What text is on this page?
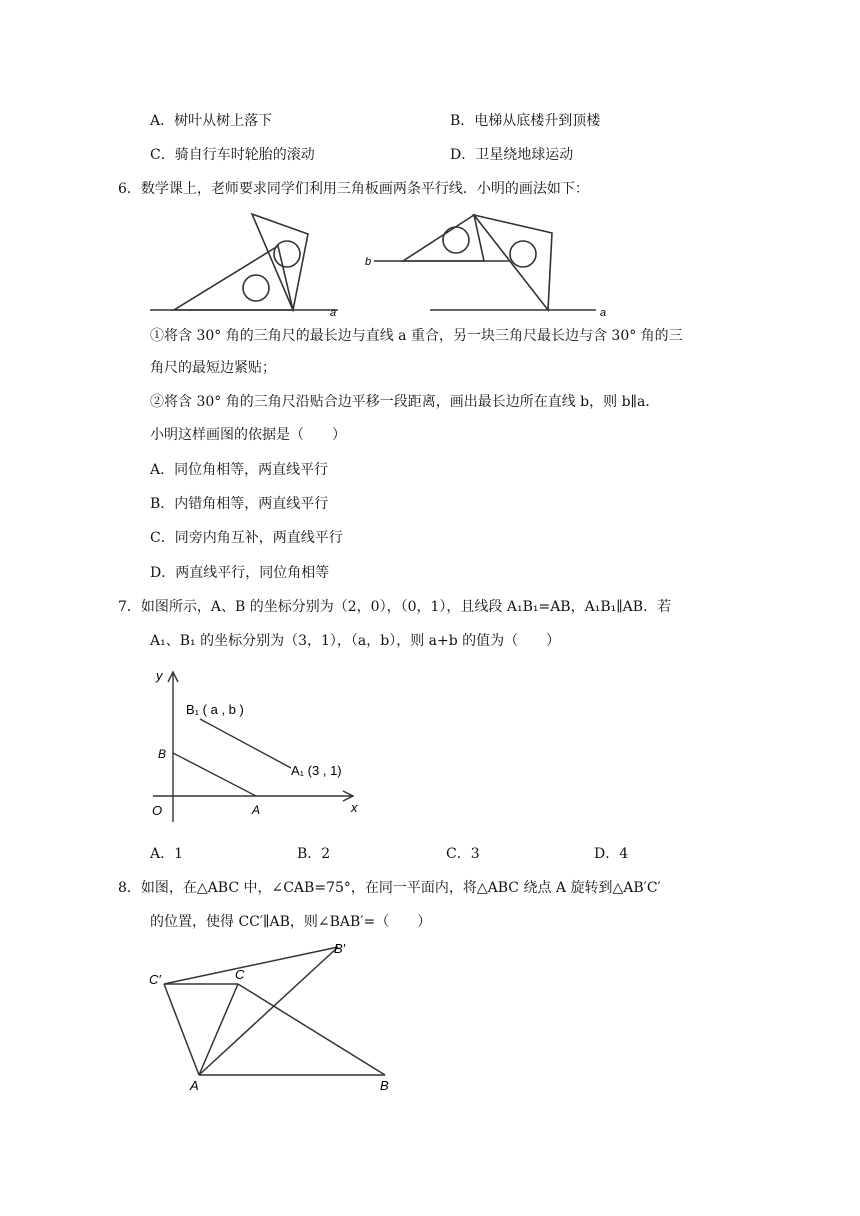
A．树叶从树上落下	B．电梯从底楼升到顶楼
C．骑自行车时轮胎的滚动	D．卫星绕地球运动
6．数学课上，老师要求同学们利用三角板画两条平行线．小明的画法如下：
a
b
a
①将含 30° 角的三角尺的最长边与直线 a 重合，另一块三角尺最长边与含 30° 角的三
角尺的最短边紧贴；
②将含 30° 角的三角尺沿贴合边平移一段距离，画出最长边所在直线 b，则 b∥a．
小明这样画图的依据是（　　）
A．同位角相等，两直线平行
B．内错角相等，两直线平行
C．同旁内角互补，两直线平行
D．两直线平行，同位角相等
7．如图所示，A、B 的坐标分别为（2，0），（0，1），且线段 A₁B₁=AB，A₁B₁∥AB．若
A₁、B₁ 的坐标分别为（3，1），（a，b），则 a+b 的值为（　　）
y
x
O	A
B
B₁ ( a , b )
A₁ (3 , 1)
A．1	B．2	C．3	D．4
8．如图，在△ABC 中，∠CAB=75°，在同一平面内，将△ABC 绕点 A 旋转到△AB′C′
的位置，使得 CC′∥AB，则∠BAB′=（　　）
C′	C
B′
A	B
